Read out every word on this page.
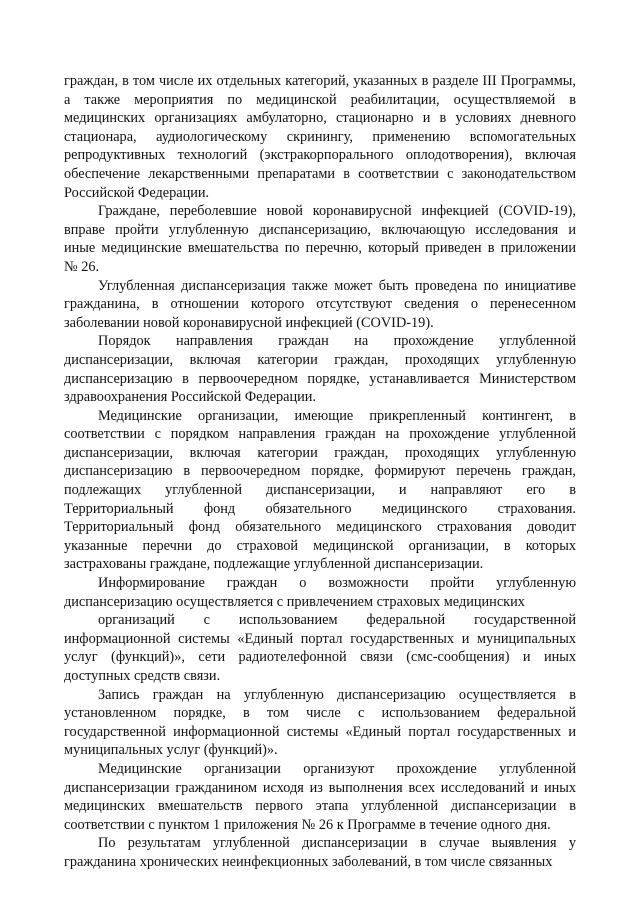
граждан, в том числе их отдельных категорий, указанных в разделе III Программы,
а также мероприятия по медицинской реабилитации, осуществляемой в
медицинских организациях амбулаторно, стационарно и в условиях дневного
стационара, аудиологическому скринингу, применению вспомогательных
репродуктивных технологий (экстракорпорального оплодотворения), включая
обеспечение лекарственными препаратами в соответствии с законодательством
Российской Федерации.
Граждане, переболевшие новой коронавирусной инфекцией (COVID-19),
вправе пройти углубленную диспансеризацию, включающую исследования и
иные медицинские вмешательства по перечню, который приведен в приложении
№ 26.
Углубленная диспансеризация также может быть проведена по инициативе
гражданина, в отношении которого отсутствуют сведения о перенесенном
заболевании новой коронавирусной инфекцией (COVID-19).
Порядок направления граждан на прохождение углубленной
диспансеризации, включая категории граждан, проходящих углубленную
диспансеризацию в первоочередном порядке, устанавливается Министерством
здравоохранения Российской Федерации.
Медицинские организации, имеющие прикрепленный контингент, в
соответствии с порядком направления граждан на прохождение углубленной
диспансеризации, включая категории граждан, проходящих углубленную
диспансеризацию в первоочередном порядке, формируют перечень граждан,
подлежащих углубленной диспансеризации, и направляют его в
Территориальный фонд обязательного медицинского страхования.
Территориальный фонд обязательного медицинского страхования доводит
указанные перечни до страховой медицинской организации, в которых
застрахованы граждане, подлежащие углубленной диспансеризации.
Информирование граждан о возможности пройти углубленную
диспансеризацию осуществляется с привлечением страховых медицинских
организаций с использованием федеральной государственной
информационной системы «Единый портал государственных и муниципальных
услуг (функций)», сети радиотелефонной связи (смс-сообщения) и иных
доступных средств связи.
Запись граждан на углубленную диспансеризацию осуществляется в
установленном порядке, в том числе с использованием федеральной
государственной информационной системы «Единый портал государственных и
муниципальных услуг (функций)».
Медицинские организации организуют прохождение углубленной
диспансеризации гражданином исходя из выполнения всех исследований и иных
медицинских вмешательств первого этапа углубленной диспансеризации в
соответствии с пунктом 1 приложения № 26 к Программе в течение одного дня.
По результатам углубленной диспансеризации в случае выявления у
гражданина хронических неинфекционных заболеваний, в том числе связанных
